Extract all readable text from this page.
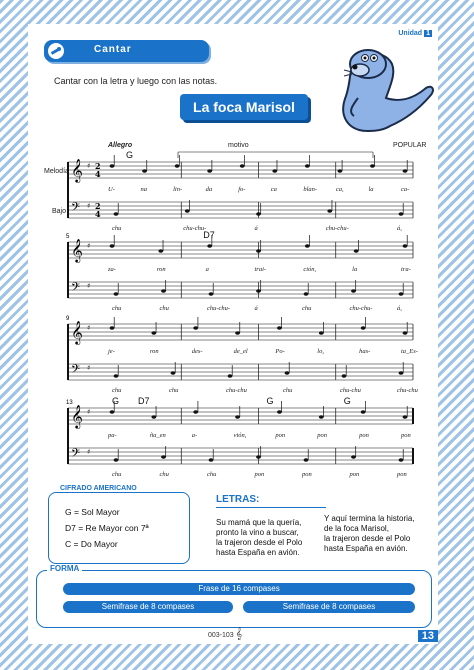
Unidad 1
Cantar
Cantar con la letra y luego con las notas.
La foca Marisol
Allegro	motivo	POPULAR
Melodía
Bajo
𝄞 ♯ 2
4
𝄢 ♯ 2
4
G
U-	na	lin-	da	fo-	ca	blan-	ca,	la	ca-
chu	chu-chu-	á	chu-chu-	á,
𝄞 ♯
𝄢 ♯
5	D7
za-	ron	a	trai-	ción,	la	tra-
chu	chu	chu-chu-	á	chu	chu-chu-	á,
𝄞 ♯
𝄢 ♯
9
je-	ron	des-	de_el	Po-	lo,	has-	ta_Es-
chu	chu	chu-chu	chu	chu-chu	chu-chu
𝄞 ♯
𝄢 ♯
13	G D7	G	G
pa-	ña_en	a-	vión,	pon	pon	pon	pon
chu	chu	chu	pon	pon	pon	pon
CIFRADO AMERICANO
G = Sol Mayor
D7 = Re Mayor con 7ª
C = Do Mayor
LETRAS:
Su mamá que la quería,
pronto la vino a buscar,
la trajeron desde el Polo
hasta España en avión.
Y aquí termina la historia,
de la foca Marisol,
la trajeron desde el Polo
hasta España en avión.
FORMA
Frase de 16 compases
Semifrase de 8 compases	Semifrase de 8 compases
003-103 𝄞	13
